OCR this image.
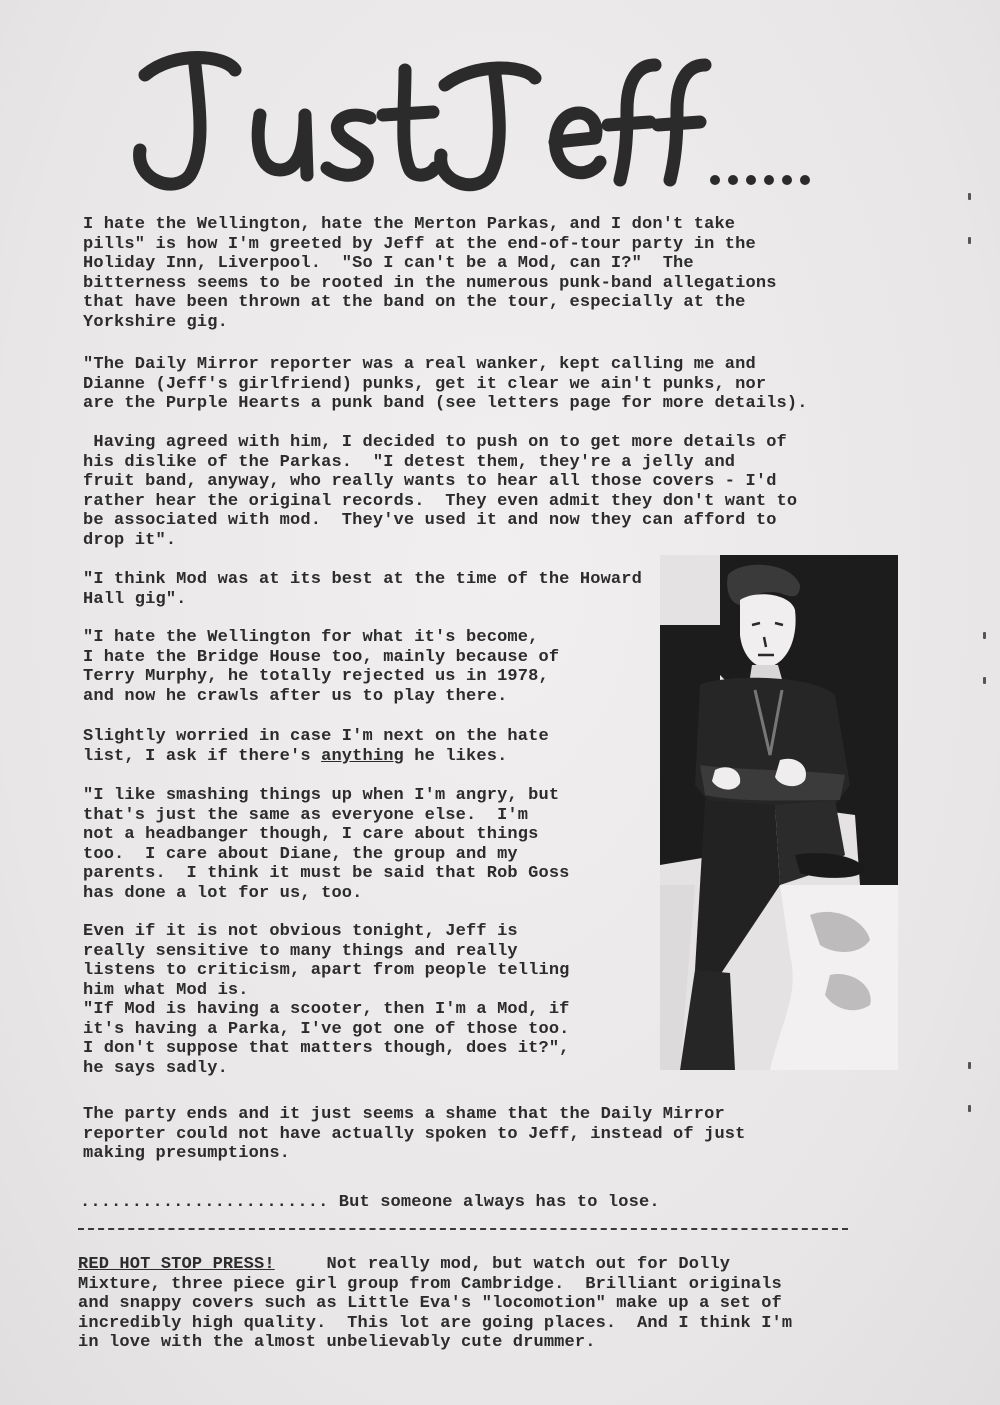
Just Jeff......

I hate the Wellington, hate the Merton Parkas, and I don't take
pills" is how I'm greeted by Jeff at the end-of-tour party in the
Holiday Inn, Liverpool.  "So I can't be a Mod, can I?"  The
bitterness seems to be rooted in the numerous punk-band allegations
that have been thrown at the band on the tour, especially at the
Yorkshire gig.

"The Daily Mirror reporter was a real wanker, kept calling me and
Dianne (Jeff's girlfriend) punks, get it clear we ain't punks, nor
are the Purple Hearts a punk band (see letters page for more details).

Having agreed with him, I decided to push on to get more details of
his dislike of the Parkas.  "I detest them, they're a jelly and
fruit band, anyway, who really wants to hear all those covers - I'd
rather hear the original records.  They even admit they don't want to
be associated with mod.  They've used it and now they can afford to
drop it".

"I think Mod was at its best at the time of the Howard
Hall gig".

"I hate the Wellington for what it's become,
I hate the Bridge House too, mainly because of
Terry Murphy, he totally rejected us in 1978,
and now he crawls after us to play there.

Slightly worried in case I'm next on the hate
list, I ask if there's anything he likes.

"I like smashing things up when I'm angry, but
that's just the same as everyone else.  I'm
not a headbanger though, I care about things
too.  I care about Diane, the group and my
parents.  I think it must be said that Rob Goss
has done a lot for us, too.

Even if it is not obvious tonight, Jeff is
really sensitive to many things and really
listens to criticism, apart from people telling
him what Mod is.

"If Mod is having a scooter, then I'm a Mod, if
it's having a Parka, I've got one of those too.
I don't suppose that matters though, does it?",
he says sadly.

The party ends and it just seems a shame that the Daily Mirror
reporter could not have actually spoken to Jeff, instead of just
making presumptions.

........................ But someone always has to lose.

RED HOT STOP PRESS!     Not really mod, but watch out for Dolly
Mixture, three piece girl group from Cambridge.  Brilliant originals
and snappy covers such as Little Eva's "locomotion" make up a set of
incredibly high quality.  This lot are going places.  And I think I'm
in love with the almost unbelievably cute drummer.
